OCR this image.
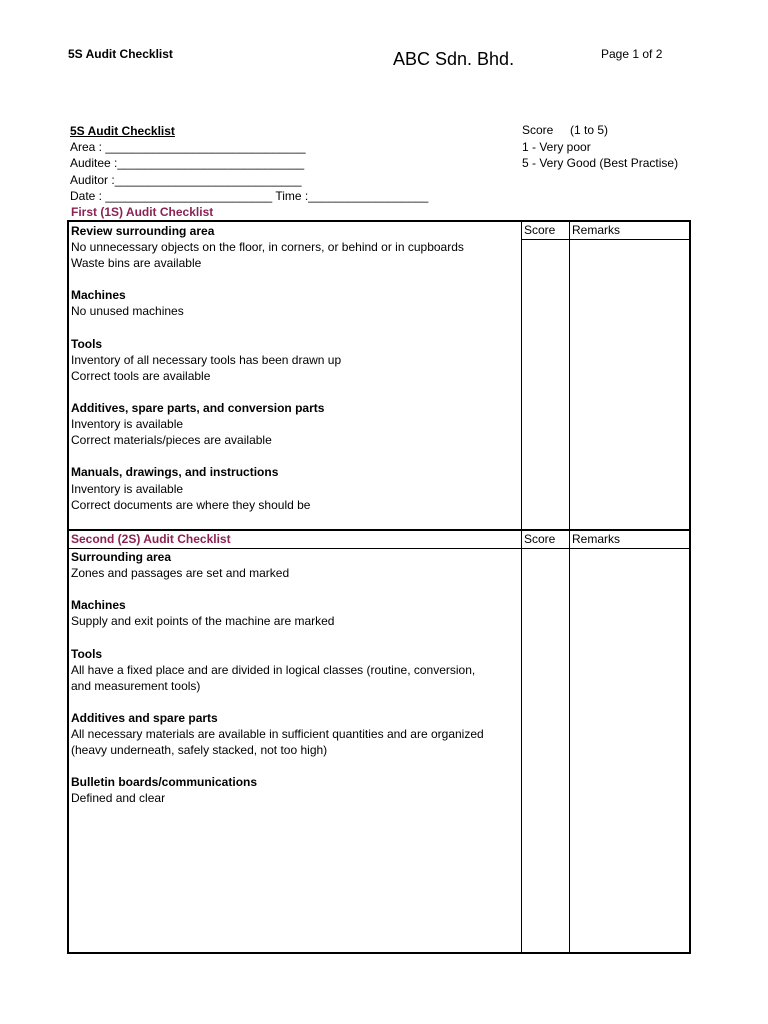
5S Audit Checklist	ABC Sdn. Bhd.	Page 1 of 2
5S Audit Checklist
Area : ______________________________
Auditee :____________________________
Auditor :____________________________
Date : _________________________ Time :__________________
Score     (1 to 5)
1 - Very poor
5 - Very Good (Best Practise)
First (1S) Audit Checklist
Score Remarks
Review surrounding area
No unnecessary objects on the floor, in corners, or behind or in cupboards
Waste bins are available
Machines
No unused machines
Tools
Inventory of all necessary tools has been drawn up
Correct tools are available
Additives, spare parts, and conversion parts
Inventory is available
Correct materials/pieces are available
Manuals, drawings, and instructions
Inventory is available
Correct documents are where they should be
Second (2S) Audit Checklist	Score Remarks
Surrounding area
Zones and passages are set and marked
Machines
Supply and exit points of the machine are marked
Tools
All have a fixed place and are divided in logical classes (routine, conversion,
and measurement tools)
Additives and spare parts
All necessary materials are available in sufficient quantities and are organized
(heavy underneath, safely stacked, not too high)
Bulletin boards/communications
Defined and clear
